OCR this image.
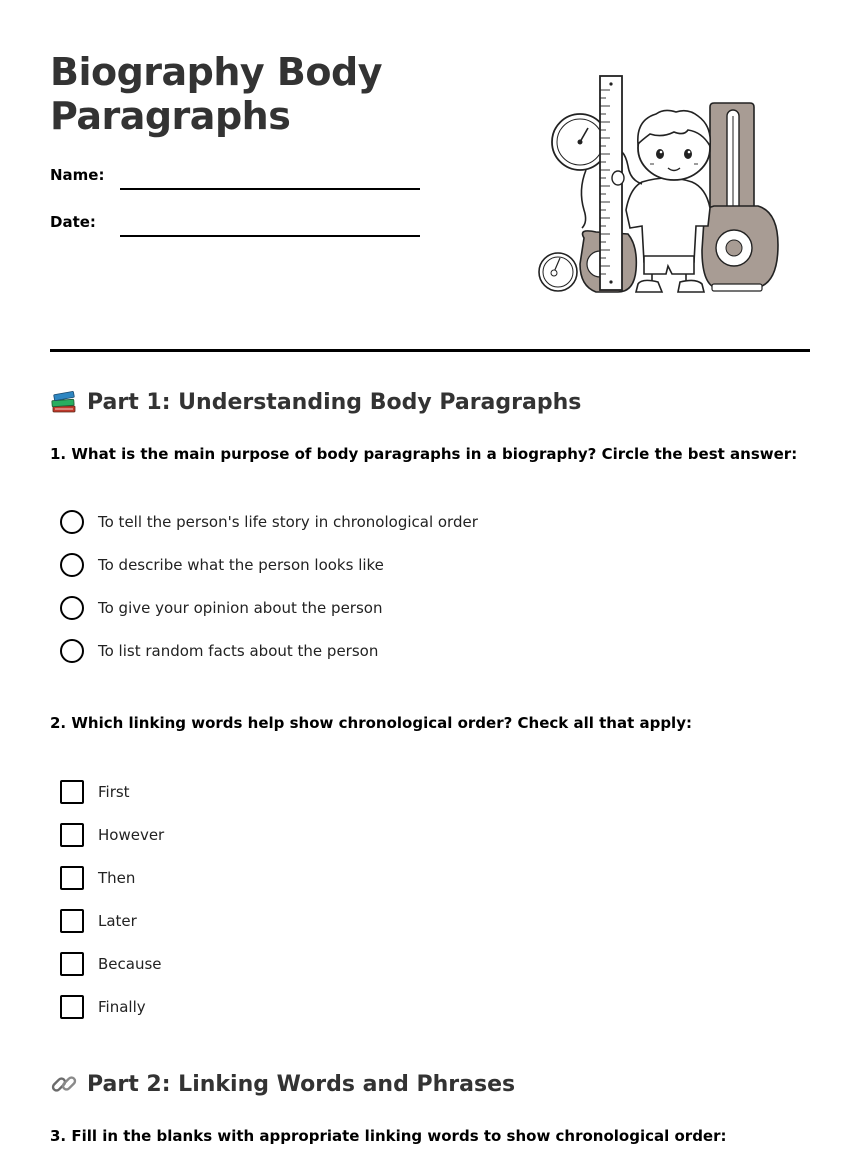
Biography Body Paragraphs
Name:
Date:
Part 1: Understanding Body Paragraphs

1. What is the main purpose of body paragraphs in a biography? Circle the best answer:

To tell the person's life story in chronological order
To describe what the person looks like
To give your opinion about the person
To list random facts about the person

2. Which linking words help show chronological order? Check all that apply:

First
However
Then
Later
Because
Finally
Part 2: Linking Words and Phrases

3. Fill in the blanks with appropriate linking words to show chronological order:
